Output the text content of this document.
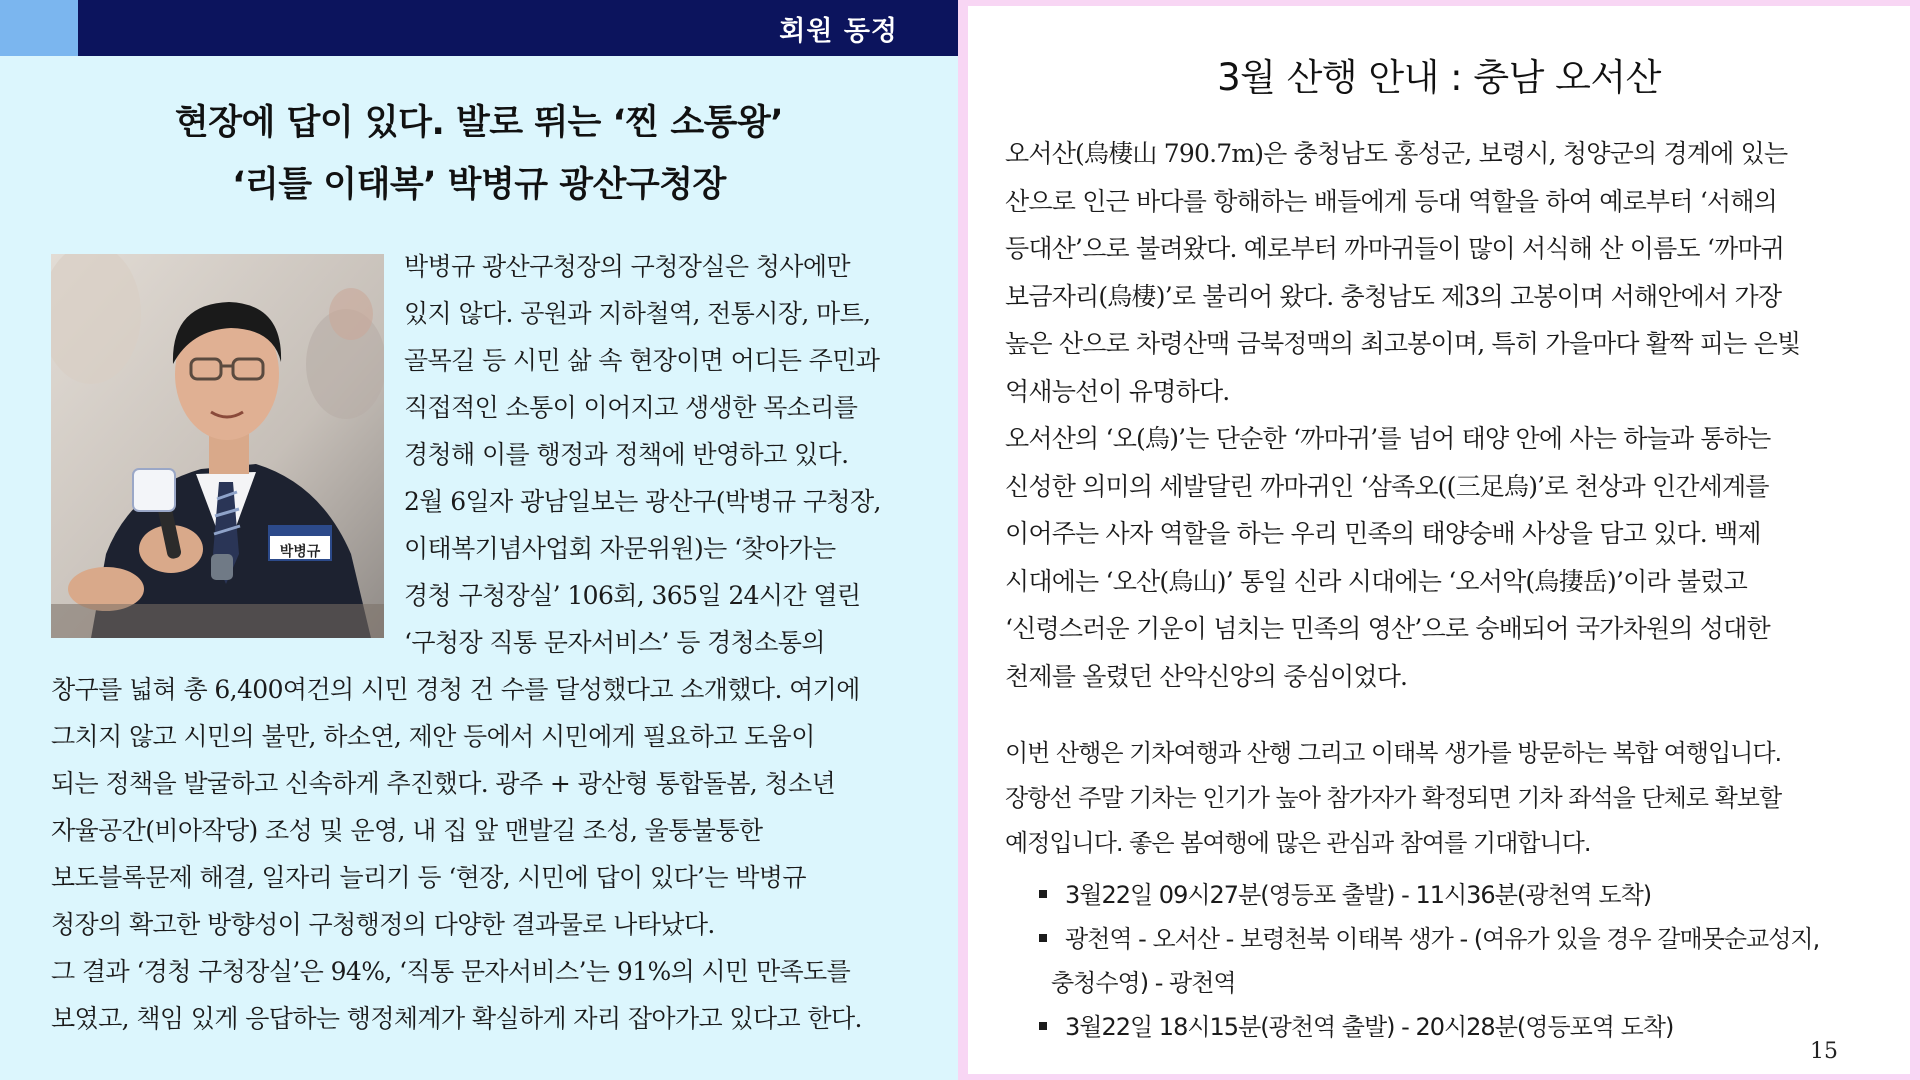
회원 동정
현장에 답이 있다. 발로 뛰는 ‘찐 소통왕’
‘리틀 이태복’ 박병규 광산구청장
박병규

박병규 광산구청장의 구청장실은 청사에만

있지 않다. 공원과 지하철역, 전통시장, 마트,

골목길 등 시민 삶 속 현장이면 어디든 주민과

직접적인 소통이 이어지고 생생한 목소리를

경청해 이를 행정과 정책에 반영하고 있다.

2월 6일자 광남일보는 광산구(박병규 구청장,

이태복기념사업회 자문위원)는 ‘찾아가는

경청 구청장실’ 106회, 365일 24시간 열린

‘구청장 직통 문자서비스’ 등 경청소통의

창구를 넓혀 총 6,400여건의 시민 경청 건 수를 달성했다고 소개했다. 여기에

그치지 않고 시민의 불만, 하소연, 제안 등에서 시민에게 필요하고 도움이

되는 정책을 발굴하고 신속하게 추진했다. 광주 + 광산형 통합돌봄, 청소년

자율공간(비아작당) 조성 및 운영, 내 집 앞 맨발길 조성, 울퉁불퉁한

보도블록문제 해결, 일자리 늘리기 등 ‘현장, 시민에 답이 있다’는 박병규

청장의 확고한 방향성이 구청행정의 다양한 결과물로 나타났다.

그 결과 ‘경청 구청장실’은 94%, ‘직통 문자서비스’는 91%의 시민 만족도를

보였고, 책임 있게 응답하는 행정체계가 확실하게 자리 잡아가고 있다고 한다.

3월 산행 안내 : 충남 오서산

오서산(烏棲山 790.7m)은 충청남도 홍성군, 보령시, 청양군의 경계에 있는

산으로 인근 바다를 항해하는 배들에게 등대 역할을 하여 예로부터 ‘서해의

등대산’으로 불려왔다. 예로부터 까마귀들이 많이 서식해 산 이름도 ‘까마귀

보금자리(烏棲)’로 불리어 왔다. 충청남도 제3의 고봉이며 서해안에서 가장

높은 산으로 차령산맥 금북정맥의 최고봉이며, 특히 가을마다 활짝 피는 은빛

억새능선이 유명하다.

오서산의 ‘오(烏)’는 단순한 ‘까마귀’를 넘어 태양 안에 사는 하늘과 통하는

신성한 의미의 세발달린 까마귀인 ‘삼족오((三足烏)’로 천상과 인간세계를

이어주는 사자 역할을 하는 우리 민족의 태양숭배 사상을 담고 있다. 백제

시대에는 ‘오산(烏山)’ 통일 신라 시대에는 ‘오서악(烏捿岳)’이라 불렀고

‘신령스러운 기운이 넘치는 민족의 영산’으로 숭배되어 국가차원의 성대한

천제를 올렸던 산악신앙의 중심이었다.

이번 산행은 기차여행과 산행 그리고 이태복 생가를 방문하는 복합 여행입니다.

장항선 주말 기차는 인기가 높아 참가자가 확정되면 기차 좌석을 단체로 확보할

예정입니다. 좋은 봄여행에 많은 관심과 참여를 기대합니다.

3월22일 09시27분(영등포 출발) - 11시36분(광천역 도착)
광천역 - 오서산 - 보령천북 이태복 생가 - (여유가 있을 경우 갈매못순교성지,
충청수영) - 광천역
3월22일 18시15분(광천역 출발) - 20시28분(영등포역 도착)
15
